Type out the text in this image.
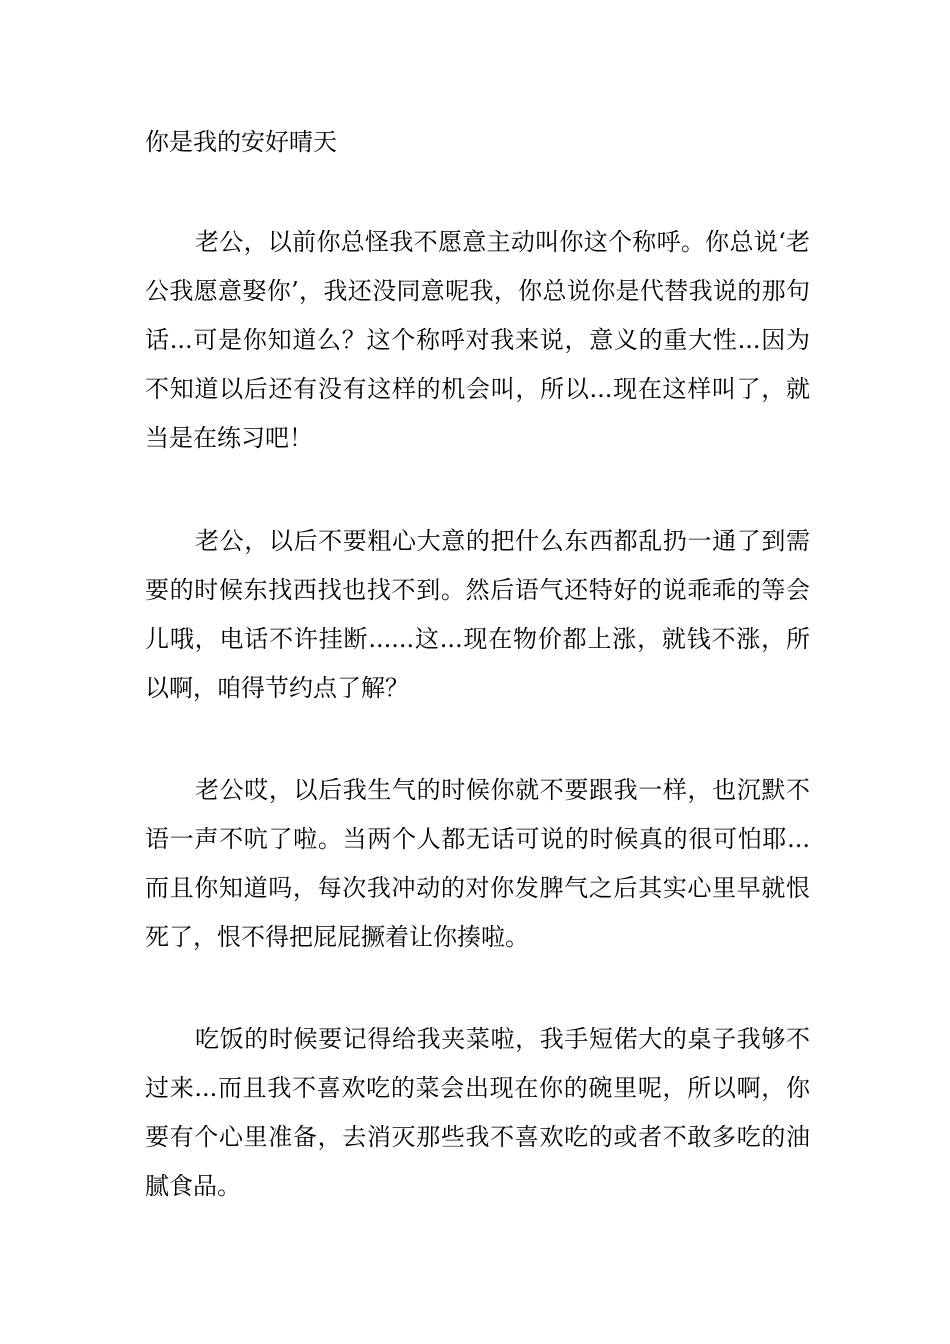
你是我的安好晴天

老公，以前你总怪我不愿意主动叫你这个称呼。你总说‘老公我愿意娶你’，我还没同意呢我，你总说你是代替我说的那句话...可是你知道么？这个称呼对我来说，意义的重大性...因为不知道以后还有没有这样的机会叫，所以...现在这样叫了，就当是在练习吧！

老公，以后不要粗心大意的把什么东西都乱扔一通了到需要的时候东找西找也找不到。然后语气还特好的说乖乖的等会儿哦，电话不许挂断......这...现在物价都上涨，就钱不涨，所以啊，咱得节约点了解？

老公哎，以后我生气的时候你就不要跟我一样，也沉默不语一声不吭了啦。当两个人都无话可说的时候真的很可怕耶...而且你知道吗，每次我冲动的对你发脾气之后其实心里早就恨死了，恨不得把屁屁撅着让你揍啦。

吃饭的时候要记得给我夹菜啦，我手短偌大的桌子我够不过来...而且我不喜欢吃的菜会出现在你的碗里呢，所以啊，你要有个心里准备，去消灭那些我不喜欢吃的或者不敢多吃的油腻食品。
